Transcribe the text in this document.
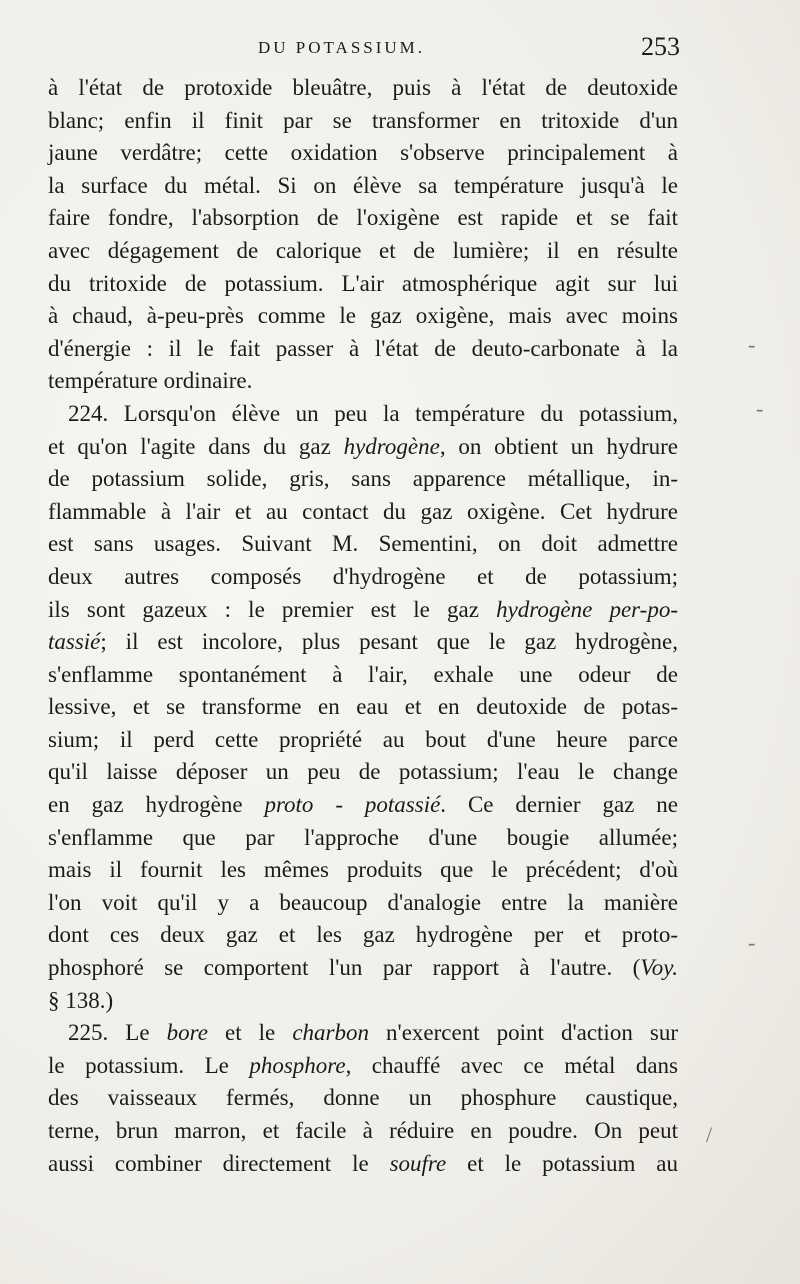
DU POTASSIUM.	253
à l'état de protoxide bleuâtre, puis à l'état de deutoxide
blanc; enfin il finit par se transformer en tritoxide d'un
jaune verdâtre; cette oxidation s'observe principalement à
la surface du métal. Si on élève sa température jusqu'à le
faire fondre, l'absorption de l'oxigène est rapide et se fait
avec dégagement de calorique et de lumière; il en résulte
du tritoxide de potassium. L'air atmosphérique agit sur lui
à chaud, à-peu-près comme le gaz oxigène, mais avec moins
d'énergie : il le fait passer à l'état de deuto-carbonate à la
température ordinaire.
224. Lorsqu'on élève un peu la température du potassium,
et qu'on l'agite dans du gaz hydrogène, on obtient un hydrure
de potassium solide, gris, sans apparence métallique, in-
flammable à l'air et au contact du gaz oxigène. Cet hydrure
est sans usages. Suivant M. Sementini, on doit admettre
deux autres composés d'hydrogène et de potassium;
ils sont gazeux : le premier est le gaz hydrogène per-po-
tassié; il est incolore, plus pesant que le gaz hydrogène,
s'enflamme spontanément à l'air, exhale une odeur de
lessive, et se transforme en eau et en deutoxide de potas-
sium; il perd cette propriété au bout d'une heure parce
qu'il laisse déposer un peu de potassium; l'eau le change
en gaz hydrogène proto - potassié. Ce dernier gaz ne
s'enflamme que par l'approche d'une bougie allumée;
mais il fournit les mêmes produits que le précédent; d'où
l'on voit qu'il y a beaucoup d'analogie entre la manière
dont ces deux gaz et les gaz hydrogène per et proto-
phosphoré se comportent l'un par rapport à l'autre. (Voy.
§ 138.)
225. Le bore et le charbon n'exercent point d'action sur
le potassium. Le phosphore, chauffé avec ce métal dans
des vaisseaux fermés, donne un phosphure caustique,
terne, brun marron, et facile à réduire en poudre. On peut
aussi combiner directement le soufre et le potassium au
-
-
/
-
